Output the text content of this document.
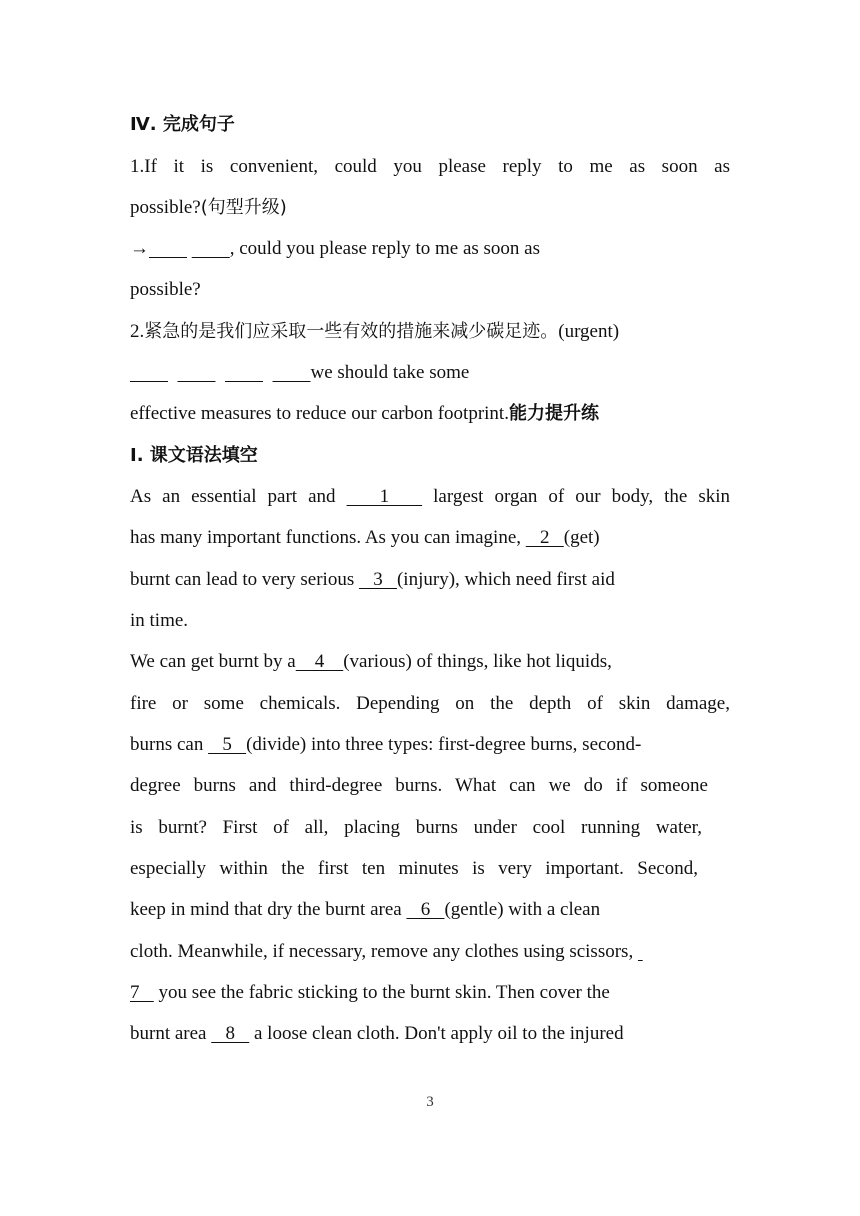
Ⅳ. 完成句子
1.If it is convenient, could you please reply to me as soon as
possible?(句型升级)
→	, could you please reply to me as soon as
possible?
2.紧急的是我们应采取一些有效的措施来减少碳足迹。(urgent)
we should take some
effective measures to reduce our carbon footprint.能力提升练
Ⅰ. 课文语法填空
As an essential part and    1    largest organ of our body, the skin
has many important functions. As you can imagine,    2   (get)
burnt can lead to very serious    3   (injury), which need first aid
in time.
We can get burnt by a    4    (various) of things, like hot liquids,
fire or some chemicals. Depending on the depth of skin damage,
burns can    5   (divide) into three types: first-degree burns, second-
degree burns and third-degree burns. What can we do if someone
is burnt? First of all, placing burns under cool running water,
especially within the first ten minutes is very important. Second,
keep in mind that dry the burnt area    6   (gentle) with a clean
cloth. Meanwhile, if necessary, remove any clothes using scissors,
7    you see the fabric sticking to the burnt skin. Then cover the
burnt area    8    a loose clean cloth. Don't apply oil to the injured
3
